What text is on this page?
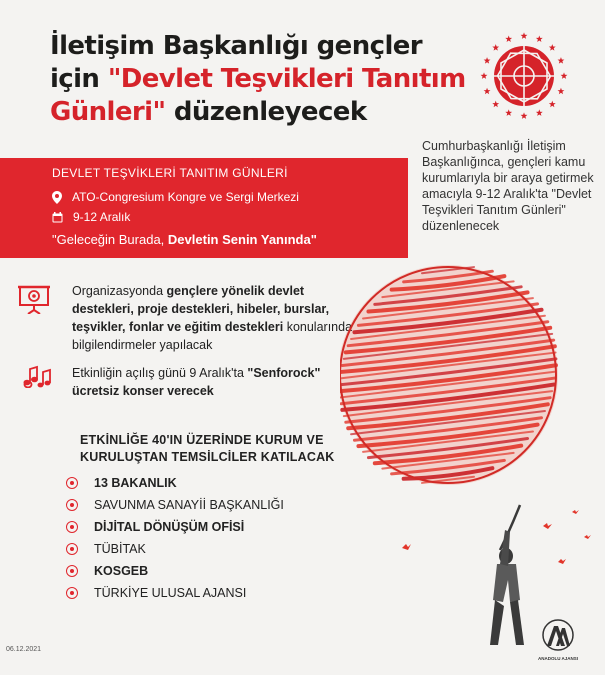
İletişim Başkanlığı gençler
için "Devlet Teşvikleri Tanıtım
Günleri" düzenleyecek
Cumhurbaşkanlığı İletişim Başkanlığınca, gençleri kamu kurumlarıyla bir araya getirmek amacıyla 9-12 Aralık'ta "Devlet Teşvikleri Tanıtım Günleri" düzenlenecek
DEVLET TEŞVİKLERİ TANITIM GÜNLERİ
ATO-Congresium Kongre ve Sergi Merkezi
9-12 Aralık
"Geleceğin Burada, Devletin Senin Yanında"
Organizasyonda gençlere yönelik devlet destekleri, proje destekleri, hibeler, burslar, teşvikler, fonlar ve eğitim destekleri konularında bilgilendirmeler yapılacak
Etkinliğin açılış günü 9 Aralık'ta "Senforock" ücretsiz konser verecek
ETKİNLİĞE 40'IN ÜZERİNDE KURUM VE KURULUŞTAN TEMSİLCİLER KATILACAK
13 BAKANLIK
SAVUNMA SANAYİİ BAŞKANLIĞI
DİJİTAL DÖNÜŞÜM OFİSİ
TÜBİTAK
KOSGEB
TÜRKİYE ULUSAL AJANSI
06.12.2021
ANADOLU AJANSI
